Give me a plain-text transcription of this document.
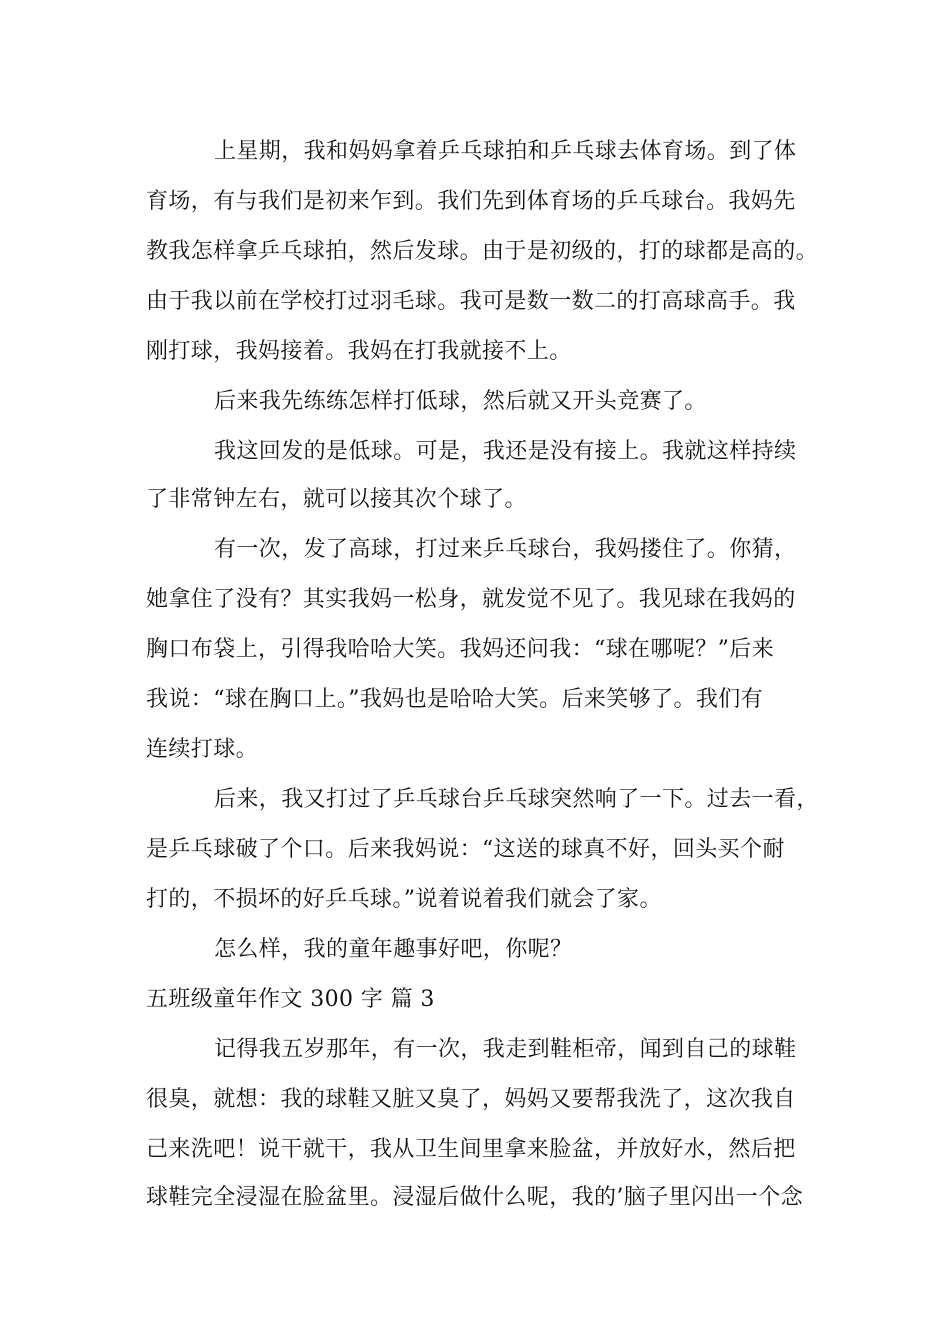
上星期，我和妈妈拿着乒乓球拍和乒乓球去体育场。到了体
育场，有与我们是初来乍到。我们先到体育场的乒乓球台。我妈先
教我怎样拿乒乓球拍，然后发球。由于是初级的，打的球都是高的。
由于我以前在学校打过羽毛球。我可是数一数二的打高球高手。我
刚打球，我妈接着。我妈在打我就接不上。
后来我先练练怎样打低球，然后就又开头竞赛了。
我这回发的是低球。可是，我还是没有接上。我就这样持续
了非常钟左右，就可以接其次个球了。
有一次，发了高球，打过来乒乓球台，我妈搂住了。你猜，
她拿住了没有？其实我妈一松身，就发觉不见了。我见球在我妈的
胸口布袋上，引得我哈哈大笑。我妈还问我：“球在哪呢？”后来
我说：“球在胸口上。”我妈也是哈哈大笑。后来笑够了。我们有
连续打球。
后来，我又打过了乒乓球台乒乓球突然响了一下。过去一看，
是乒乓球破了个口。后来我妈说：“这送的球真不好，回头买个耐
打的，不损坏的好乒乓球。”说着说着我们就会了家。
怎么样，我的童年趣事好吧，你呢？
五班级童年作文 300 字 篇 3
记得我五岁那年，有一次，我走到鞋柜帝，闻到自己的球鞋
很臭，就想：我的球鞋又脏又臭了，妈妈又要帮我洗了，这次我自
己来洗吧！说干就干，我从卫生间里拿来脸盆，并放好水，然后把
球鞋完全浸湿在脸盆里。浸湿后做什么呢，我的’脑子里闪出一个念
